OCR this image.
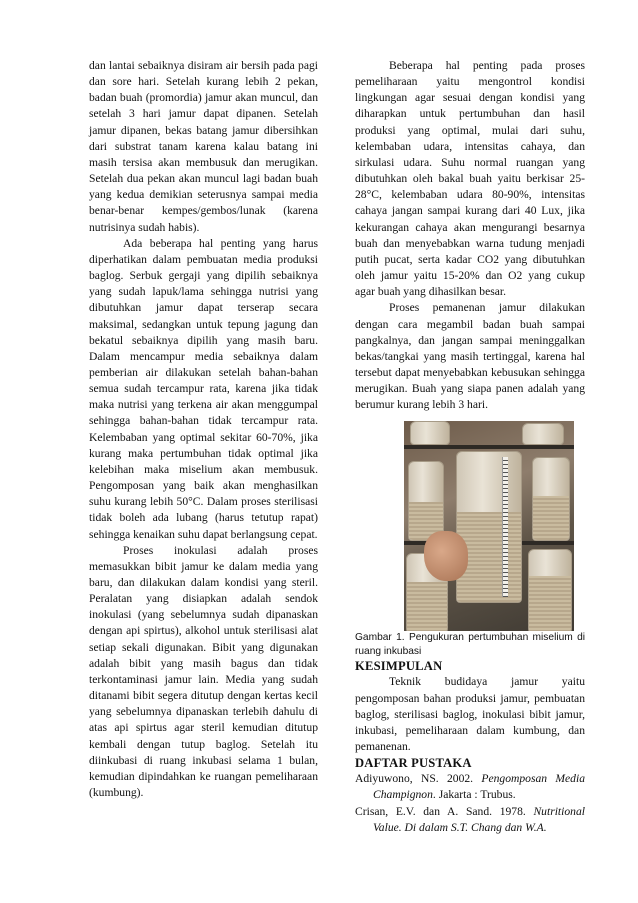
dan lantai sebaiknya disiram air bersih pada pagi dan sore hari. Setelah kurang lebih 2 pekan, badan buah (promordia) jamur akan muncul, dan setelah 3 hari jamur dapat dipanen. Setelah jamur dipanen, bekas batang jamur dibersihkan dari substrat tanam karena kalau batang ini masih tersisa akan membusuk dan merugikan. Setelah dua pekan akan muncul lagi badan buah yang kedua demikian seterusnya sampai media benar-benar kempes/gembos/lunak (karena nutrisinya sudah habis).

Ada beberapa hal penting yang harus diperhatikan dalam pembuatan media produksi baglog. Serbuk gergaji yang dipilih sebaiknya yang sudah lapuk/lama sehingga nutrisi yang dibutuhkan jamur dapat terserap secara maksimal, sedangkan untuk tepung jagung dan bekatul sebaiknya dipilih yang masih baru. Dalam mencampur media sebaiknya dalam pemberian air dilakukan setelah bahan-bahan semua sudah tercampur rata, karena jika tidak maka nutrisi yang terkena air akan menggumpal sehingga bahan-bahan tidak tercampur rata. Kelembaban yang optimal sekitar 60-70%, jika kurang maka pertumbuhan tidak optimal jika kelebihan maka miselium akan membusuk. Pengomposan yang baik akan menghasilkan suhu kurang lebih 50°C. Dalam proses sterilisasi tidak boleh ada lubang (harus tetutup rapat) sehingga kenaikan suhu dapat berlangsung cepat.

Proses inokulasi adalah proses memasukkan bibit jamur ke dalam media yang baru, dan dilakukan dalam kondisi yang steril. Peralatan yang disiapkan adalah sendok inokulasi (yang sebelumnya sudah dipanaskan dengan api spirtus), alkohol untuk sterilisasi alat setiap sekali digunakan. Bibit yang digunakan adalah bibit yang masih bagus dan tidak terkontaminasi jamur lain. Media yang sudah ditanami bibit segera ditutup dengan kertas kecil yang sebelumnya dipanaskan terlebih dahulu di atas api spirtus agar steril kemudian ditutup kembali dengan tutup baglog. Setelah itu diinkubasi di ruang inkubasi selama 1 bulan, kemudian dipindahkan ke ruangan pemeliharaan (kumbung).

Beberapa hal penting pada proses pemeliharaan yaitu mengontrol kondisi lingkungan agar sesuai dengan kondisi yang diharapkan untuk pertumbuhan dan hasil produksi yang optimal, mulai dari suhu, kelembaban udara, intensitas cahaya, dan sirkulasi udara. Suhu normal ruangan yang dibutuhkan oleh bakal buah yaitu berkisar 25-28°C, kelembaban udara 80-90%, intensitas cahaya jangan sampai kurang dari 40 Lux, jika kekurangan cahaya akan mengurangi besarnya buah dan menyebabkan warna tudung menjadi putih pucat, serta kadar CO2 yang dibutuhkan oleh jamur yaitu 15-20% dan O2 yang cukup agar buah yang dihasilkan besar.

Proses pemanenan jamur dilakukan dengan cara megambil badan buah sampai pangkalnya, dan jangan sampai meninggalkan bekas/tangkai yang masih tertinggal, karena hal tersebut dapat menyebabkan kebusukan sehingga merugikan. Buah yang siapa panen adalah yang berumur kurang lebih 3 hari.

Gambar 1. Pengukuran pertumbuhan miselium di ruang inkubasi

KESIMPULAN

Teknik budidaya jamur yaitu pengomposan bahan produksi jamur, pembuatan baglog, sterilisasi baglog, inokulasi bibit jamur, inkubasi, pemeliharaan dalam kumbung, dan pemanenan.

DAFTAR PUSTAKA

Adiyuwono, NS. 2002. Pengomposan Media Champignon. Jakarta : Trubus.

Crisan, E.V. dan A. Sand. 1978. Nutritional Value. Di dalam S.T. Chang dan W.A.
